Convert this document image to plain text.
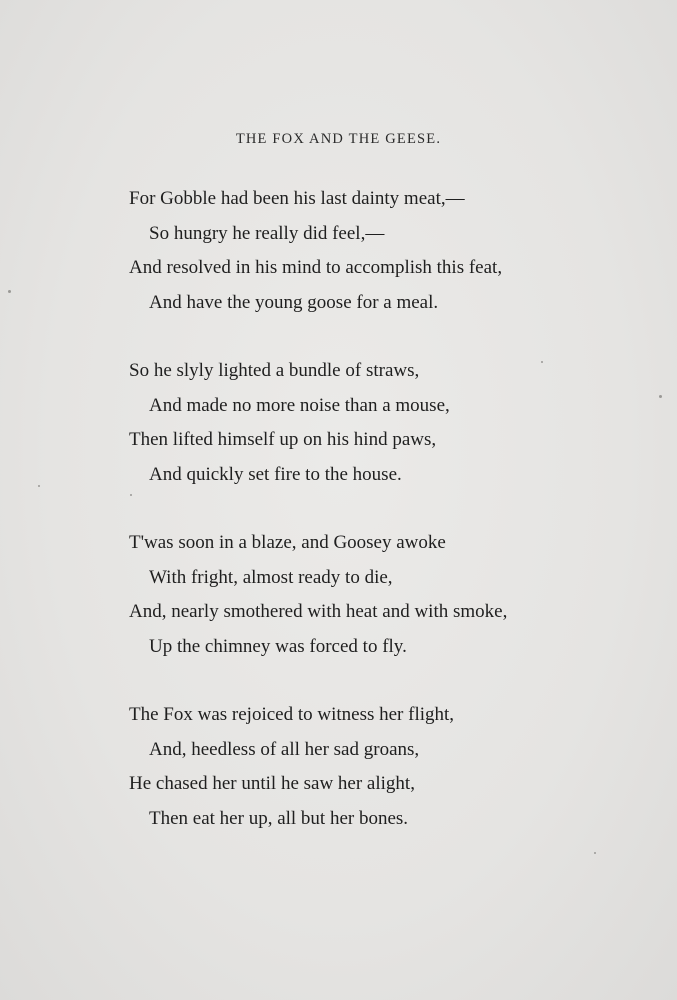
THE FOX AND THE GEESE.
For Gobble had been his last dainty meat,—
So hungry he really did feel,—
And resolved in his mind to accomplish this feat,
And have the young goose for a meal.
So he slyly lighted a bundle of straws,
And made no more noise than a mouse,
Then lifted himself up on his hind paws,
And quickly set fire to the house.
T'was soon in a blaze, and Goosey awoke
With fright, almost ready to die,
And, nearly smothered with heat and with smoke,
Up the chimney was forced to fly.
The Fox was rejoiced to witness her flight,
And, heedless of all her sad groans,
He chased her until he saw her alight,
Then eat her up, all but her bones.
